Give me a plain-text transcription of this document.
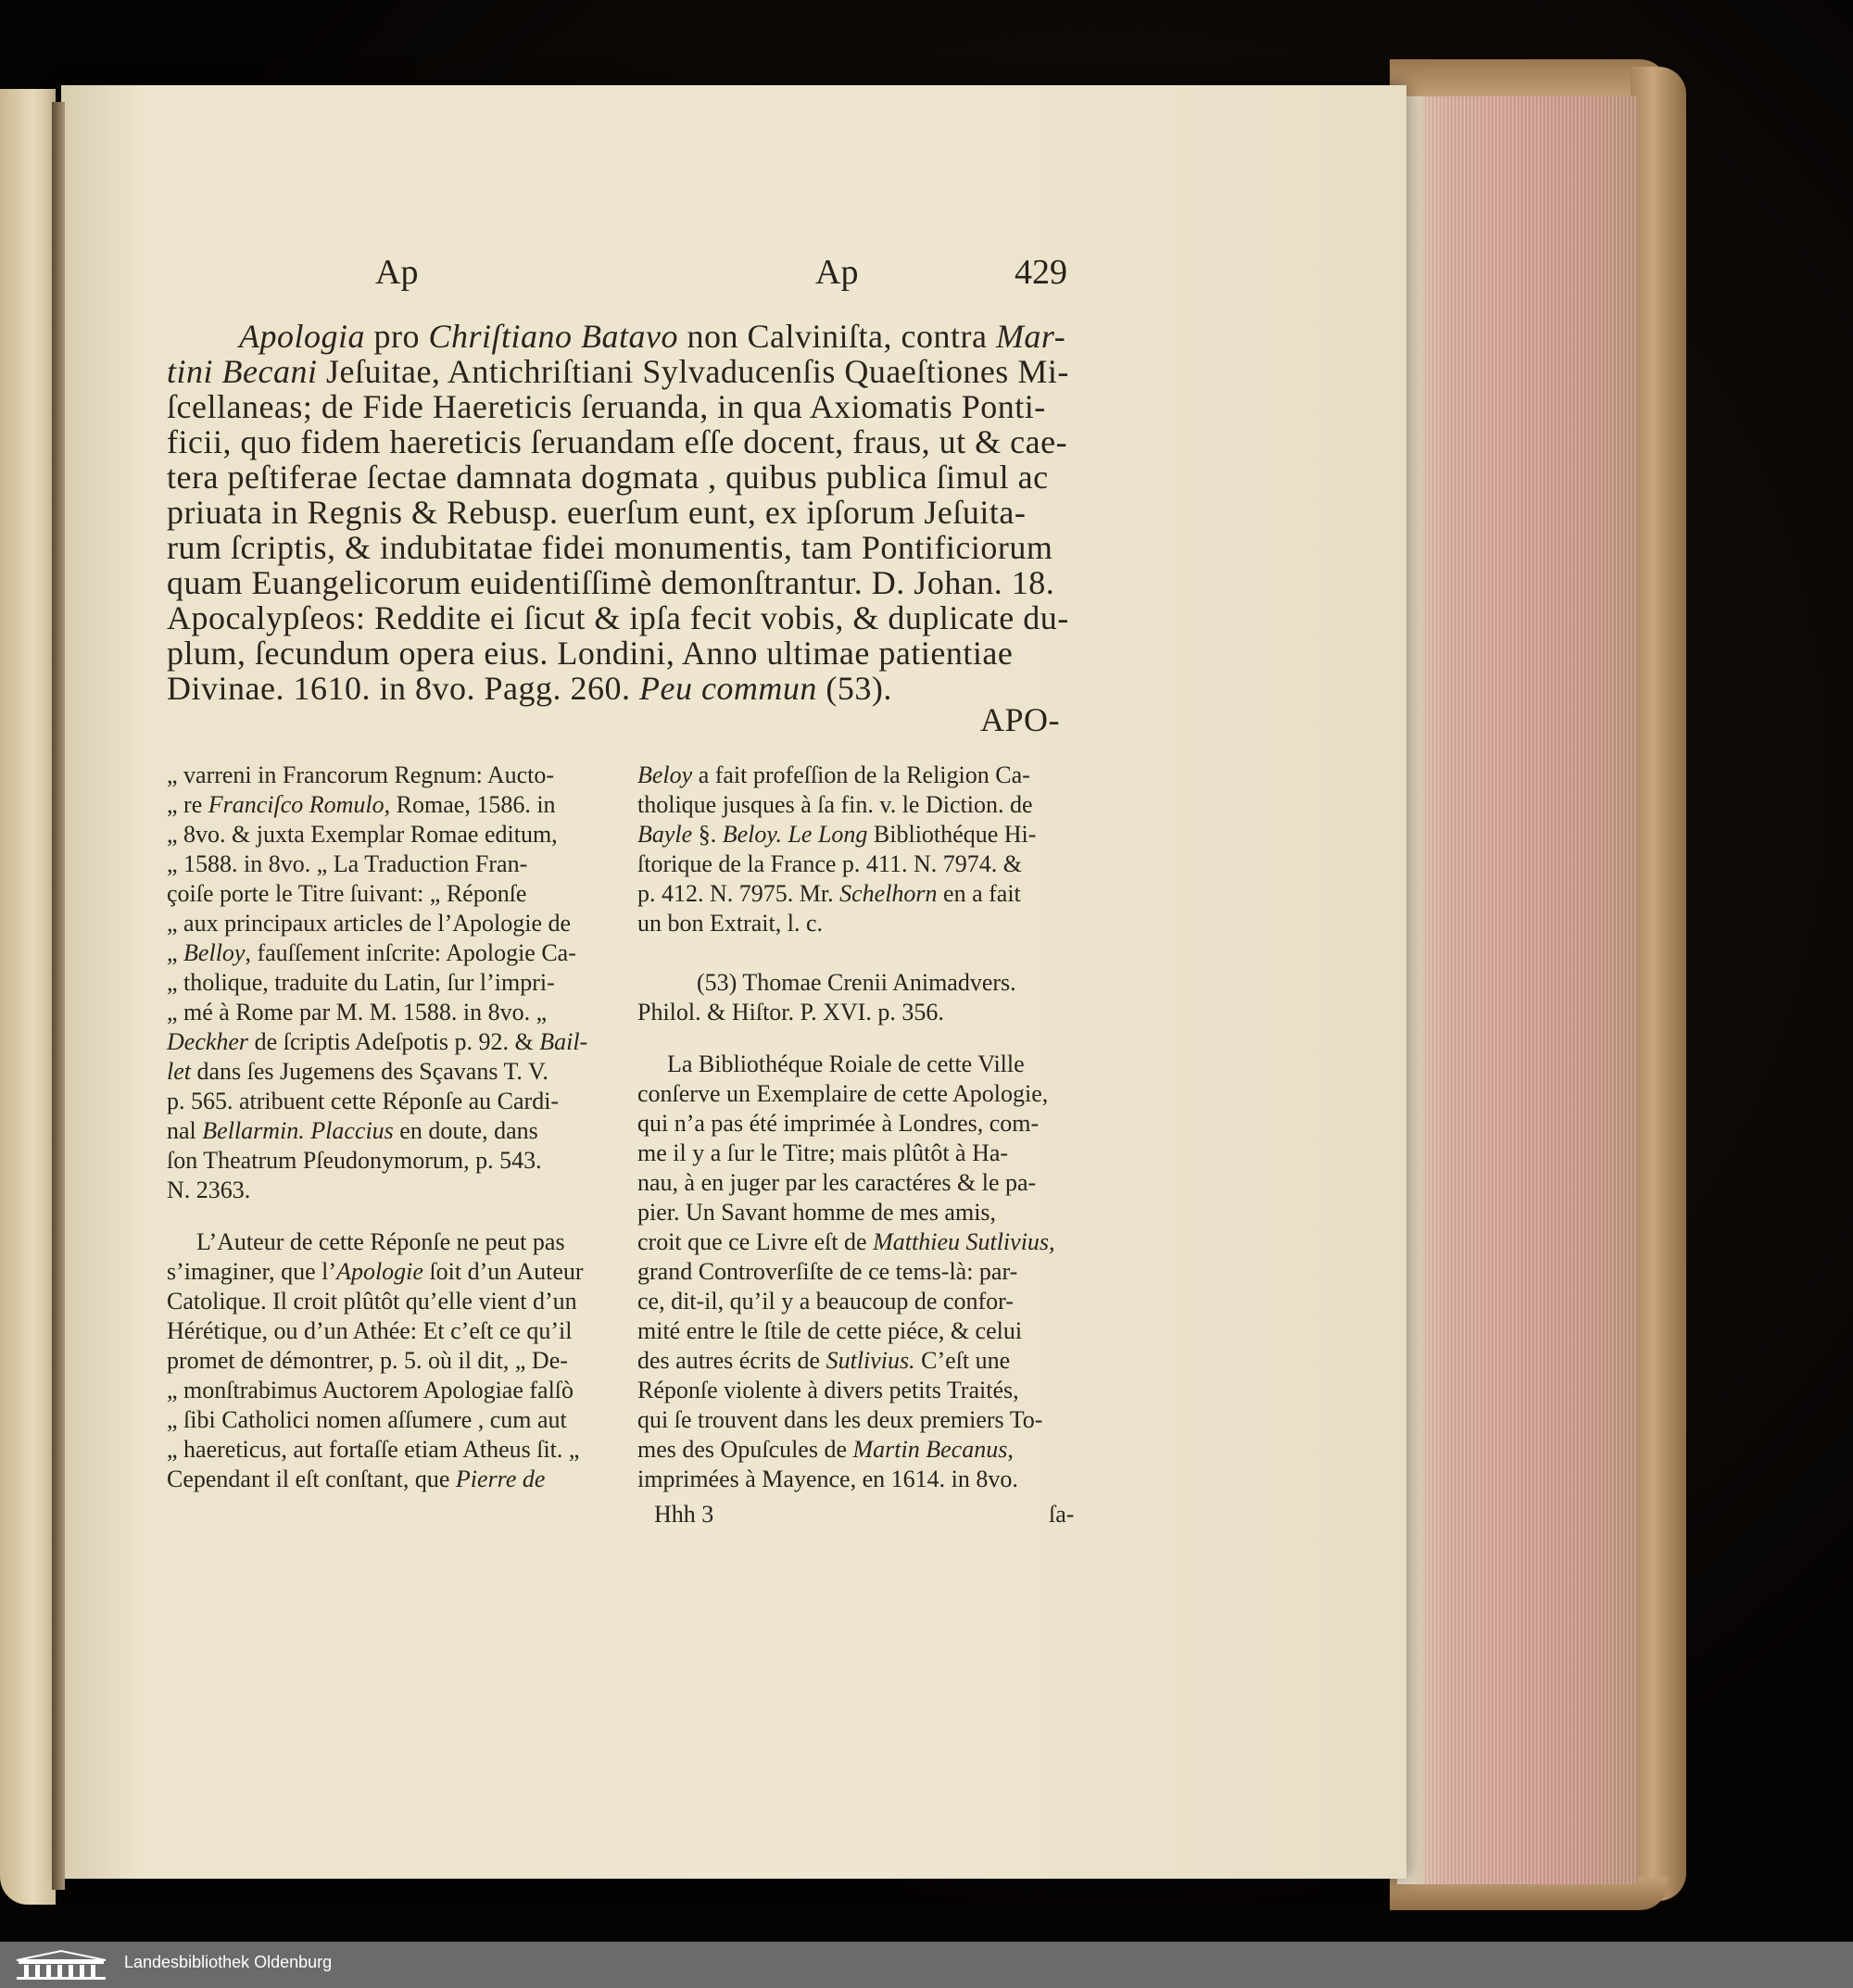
Ap	Ap	429
Apologia pro Chriſtiano Batavo non Calviniſta, contra Mar-
tini Becani Jeſuitae, Antichriſtiani Sylvaducenſis Quaeſtiones Mi-
ſcellaneas; de Fide Haereticis ſeruanda, in qua Axiomatis Ponti-
ficii, quo fidem haereticis ſeruandam eſſe docent, fraus, ut & cae-
tera peſtiferae ſectae damnata dogmata , quibus publica ſimul ac
priuata in Regnis & Rebusp. euerſum eunt, ex ipſorum Jeſuita-
rum ſcriptis, & indubitatae fidei monumentis, tam Pontificiorum
quam Euangelicorum euidentiſſimè demonſtrantur. D. Johan. 18.
Apocalypſeos: Reddite ei ſicut & ipſa fecit vobis, & duplicate du-
plum, ſecundum opera eius. Londini, Anno ultimae patientiae
Divinae. 1610. in 8vo. Pagg. 260. Peu commun (53).
APO-
„ varreni in Francorum Regnum: Aucto-
„ re Franciſco Romulo, Romae, 1586. in
„ 8vo. & juxta Exemplar Romae editum,
„ 1588. in 8vo. „ La Traduction Fran-
çoiſe porte le Titre ſuivant: „ Réponſe
„ aux principaux articles de l’Apologie de
„ Belloy, fauſſement inſcrite: Apologie Ca-
„ tholique, traduite du Latin, ſur l’impri-
„ mé à Rome par M. M. 1588. in 8vo. „
Deckher de ſcriptis Adeſpotis p. 92. & Bail-
let dans ſes Jugemens des Sçavans T. V.
p. 565. atribuent cette Réponſe au Cardi-
nal Bellarmin. Placcius en doute, dans
ſon Theatrum Pſeudonymorum, p. 543.
N. 2363.
L’Auteur de cette Réponſe ne peut pas
s’imaginer, que l’Apologie ſoit d’un Auteur
Catolique. Il croit plûtôt qu’elle vient d’un
Hérétique, ou d’un Athée: Et c’eſt ce qu’il
promet de démontrer, p. 5. où il dit, „ De-
„ monſtrabimus Auctorem Apologiae falſò
„ ſibi Catholici nomen aſſumere , cum aut
„ haereticus, aut fortaſſe etiam Atheus ſit. „
Cependant il eſt conſtant, que Pierre de
Beloy a fait profeſſion de la Religion Ca-
tholique jusques à ſa fin. v. le Diction. de
Bayle §. Beloy. Le Long Bibliothéque Hi-
ſtorique de la France p. 411. N. 7974. &
p. 412. N. 7975. Mr. Schelhorn en a fait
un bon Extrait, l. c.
(53) Thomae Crenii Animadvers.
Philol. & Hiſtor. P. XVI. p. 356.
La Bibliothéque Roiale de cette Ville
conſerve un Exemplaire de cette Apologie,
qui n’a pas été imprimée à Londres, com-
me il y a ſur le Titre; mais plûtôt à Ha-
nau, à en juger par les caractéres & le pa-
pier. Un Savant homme de mes amis,
croit que ce Livre eſt de Matthieu Sutlivius,
grand Controverſiſte de ce tems-là: par-
ce, dit-il, qu’il y a beaucoup de confor-
mité entre le ſtile de cette piéce, & celui
des autres écrits de Sutlivius. C’eſt une
Réponſe violente à divers petits Traités,
qui ſe trouvent dans les deux premiers To-
mes des Opuſcules de Martin Becanus,
imprimées à Mayence, en 1614. in 8vo.
Hhh 3	ſa-
Landesbibliothek Oldenburg
